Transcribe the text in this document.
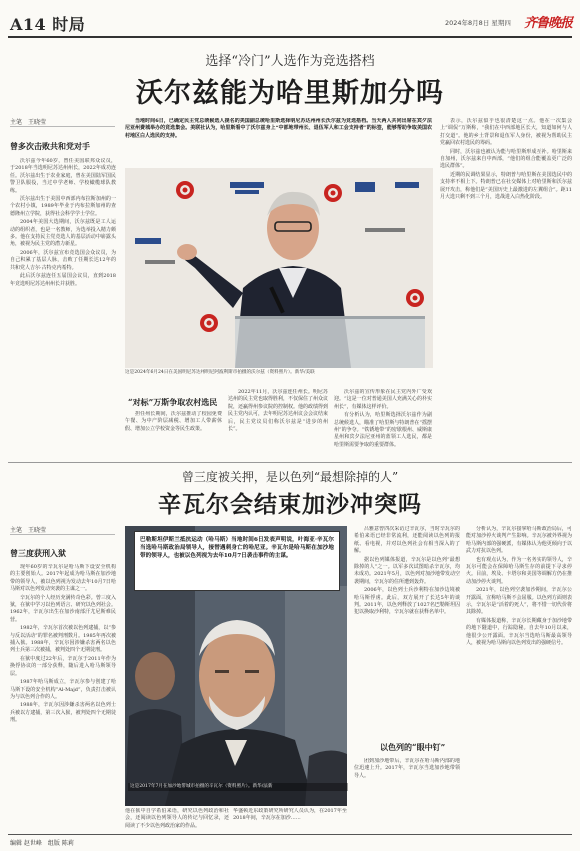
A14 时局	2024年8月8日 星期四 齐鲁晚报
选择“冷门”人选作为竞选搭档
沃尔兹能为哈里斯加分吗
主笔　王晓莹
曾多次击败共和党对手

沃尔兹今年60岁，曾任美国联邦众议员，于2018年当选明尼苏达州州长，2022年成功连任。沃尔兹出生于农业家庭，曾在美国陆军国民警卫队服役，当过中学老师、学校橄榄球队教练。

沃尔兹出生于美国中西部内布拉斯加州的一个农村小镇，1989年毕业于内布拉斯加州的查德隆州立学院，获得社会科学学士学位。

2004年美国大选期间，沃尔兹既是工人运动的组织者，也是一名教师，为选举投入精力颇多。他在支持民主党竞选人的基层活动中崭露头角，被视为民主党的潜力新星。

2006年，沃尔兹宣布竞选国会众议员，为自己积累了基层人脉，击败了任期长达12年的共和党人吉尔·古特克内希特。

此后沃尔兹连任五届国会议员，直到2018年竞选明尼苏达州州长并获胜。

当地时间6日，已确定民主党总统候选人提名的美国副总统哈里斯选择明尼苏达州州长沃尔兹为竞选搭档。当天两人共同出席在宾夕法尼亚州费城举办的竞选集会。美联社认为，哈里斯看中了沃尔兹身上“中部地带州长、退伍军人和工会支持者”的标签，能够帮助争取美国农村地区白人选民的支持。

这是2024年6月24日在美国明尼苏达州明尼阿波利斯市拍摄的沃尔兹（资料照片）。新华/美联
“对标”万斯争取农村选民

担任州长期间，沃尔兹推动了校园免费午餐、为中产阶层减税、增加工人带薪休假、增加公立学校资金等民生政策。

2022年11月，沃尔兹连任州长。明尼苏达州的民主党也取得胜利，不仅保住了州众议院，还赢得州参议院的控制权。他的政绩得到民主党内认可，去年明尼苏达州议会会议结束后，民主党议员们称沃尔兹是“进步的州长”。

沃尔兹的宣传形象在民主党内外广受欢迎。“这是一位对普通美国人充满关心的朴实州长”，有媒体这样评价。

有分析认为，哈里斯选择沃尔兹作为副总统候选人，瞄准了哈里斯与特朗普在“摇摆州”的争夺。“铁锈地带”的密歇根州、威斯康星州和宾夕法尼亚州的蓝领工人选民，都是哈里斯需要争取的重要群体。

表示，沃尔兹似乎也很清楚这一点。他在一次集会上“调侃”万斯称，“我们在中西部地区长大，知道如何与人打交道”。他的乡土背景和退伍军人身份，被视为帮助民主党赢回农村选民的筹码。

同时，沃尔兹也被认为能与哈里斯形成互补。哈里斯来自加州，沃尔兹来自中西部，“他们的组合能覆盖更广泛的选民群体”。

近期的民调结果显示，特朗普与哈里斯在美国选民中的支持率不相上下。特朗普已在社交媒体上对哈里斯和沃尔兹展开攻击，称他们是“美国历史上最激进的左翼组合”。距11月大选只剩不到三个月，选战进入白热化阶段。

曾三度被关押，是以色列“最想除掉的人”
辛瓦尔会结束加沙冲突吗
主笔　王晓莹
曾三度获刑入狱

现年60岁的辛瓦尔是哈马斯下设安全机构的主要创始人。2017年起成为哈马斯在加沙地带的领导人，被以色列视为发动去年10月7日哈马斯对以色列发动突袭的主谋之一。

辛瓦尔的个人经历充满传奇色彩。曾三度入狱，在狱中学习以色列语言、研究以色列社会。1962年，辛瓦尔出生在加沙南部汗尤尼斯难民营。

1982年，辛瓦尔首次被以色列逮捕，以“参与反以活动”的罪名被判刑数月。1985年再次被捕入狱。1988年，辛瓦尔因涉嫌杀害两名以色列士兵第三次被捕，被判处四个无期徒刑。

在狱中度过22年后，辛瓦尔于2011年作为换俘协议的一部分获释，随后进入哈马斯领导层。

1987年哈马斯成立，辛瓦尔参与创建了哈马斯下设的安全机构“Al-Majd”，负责打击被认为与以色列合作的人。

1988年，辛瓦尔因涉嫌杀害两名以色列士兵被以方逮捕，第三次入狱，被判处四个无期徒刑。

巴勒斯坦伊斯兰抵抗运动（哈马斯）当地时间6日发表声明说，叶海亚·辛瓦尔当选哈马斯政治局领导人，接替遇刺身亡的哈尼亚。辛瓦尔是哈马斯在加沙地带的领导人，也被以色列视为去年10月7日袭击事件的主谋。

这是2017年7月在加沙地带城市拍摄的辛瓦尔（资料照片）。新华/法新

他在狱中自学希伯来语，研究以色列政治和社会，还阅读以色列领导人的传记与回忆录，还阅读了不少以色列政治家的作品。

华盛顿近东政策研究所研究人员认为，在2017年至2018年间，辛瓦尔在加沙……

吕雅意曾四次采访过辛瓦尔，当时辛瓦尔的希伯来语已经非常流利，还能阅读以色列的报纸、看电视，并对以色列社会有相当深入的了解。

据以色列媒体报道，辛瓦尔是以色列“最想除掉的人”之一。以军多次试图暗杀辛瓦尔，均未成功。2021年5月，以色列对加沙地带发动空袭期间，辛瓦尔的住所遭到轰炸。

2006年，以色列士兵沙利特在加沙边境被哈马斯俘虏。此后，双方展开了长达5年的谈判。2011年，以色列释放了1027名巴勒斯坦囚犯以换取沙利特，辛瓦尔就在获释名单中。

以色列的“眼中钉”

团到加沙地带后，辛瓦尔在哈马斯内部的地位迅速上升。2017年，辛瓦尔当选加沙地带领导人。

分析认为，辛瓦尔接掌哈马斯政治局后，可能对加沙停火谈判产生影响。辛瓦尔被外界视为哈马斯内部的强硬派，有媒体认为他更倾向于以武力对抗以色列。

也有观点认为，作为一名务实的领导人，辛瓦尔可能会在保障哈马斯生存的前提下寻求停火。目前，埃及、卡塔尔和美国等调解方仍在推动加沙停火谈判。

2021年，以色列空袭加沙期间，辛瓦尔公开露面，宣称哈马斯不会屈服。以色列方面则表示，辛瓦尔是“活着的死人”，将不惜一切代价将其除掉。

有媒体报道称，辛瓦尔长期藏身于加沙地带的地下隧道中，行踪隐秘。自去年10月以来，他很少公开露面。辛瓦尔当选哈马斯最高领导人，被视为哈马斯向以色列发出的强硬信号。

编辑 赵世峰　组版 陈莉
